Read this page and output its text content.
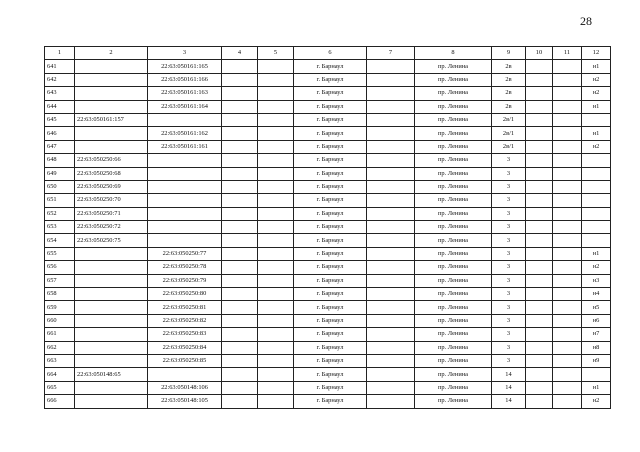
28
1	2	3	4	5	6	7	8	9	10	11	12
641		22:63:050161:165			г. Барнаул		пр. Ленина	2в			н1
642		22:63:050161:166			г. Барнаул		пр. Ленина	2в			н2
643		22:63:050161:163			г. Барнаул		пр. Ленина	2в			н2
644		22:63:050161:164			г. Барнаул		пр. Ленина	2в			н1
645	22:63:050161:157				г. Барнаул		пр. Ленина	2в/1			
646		22:63:050161:162			г. Барнаул		пр. Ленина	2в/1			н1
647		22:63:050161:161			г. Барнаул		пр. Ленина	2в/1			н2
648	22:63:050250:66				г. Барнаул		пр. Ленина	3			
649	22:63:050250:68				г. Барнаул		пр. Ленина	3			
650	22:63:050250:69				г. Барнаул		пр. Ленина	3			
651	22:63:050250:70				г. Барнаул		пр. Ленина	3			
652	22:63:050250:71				г. Барнаул		пр. Ленина	3			
653	22:63:050250:72				г. Барнаул		пр. Ленина	3			
654	22:63:050250:75				г. Барнаул		пр. Ленина	3			
655		22:63:050250:77			г. Барнаул		пр. Ленина	3			н1
656		22:63:050250:78			г. Барнаул		пр. Ленина	3			н2
657		22:63:050250:79			г. Барнаул		пр. Ленина	3			н3
658		22:63:050250:80			г. Барнаул		пр. Ленина	3			н4
659		22:63:050250:81			г. Барнаул		пр. Ленина	3			н5
660		22:63:050250:82			г. Барнаул		пр. Ленина	3			н6
661		22:63:050250:83			г. Барнаул		пр. Ленина	3			н7
662		22:63:050250:84			г. Барнаул		пр. Ленина	3			н8
663		22:63:050250:85			г. Барнаул		пр. Ленина	3			н9
664	22:63:050148:65				г. Барнаул		пр. Ленина	14			
665		22:63:050148:106			г. Барнаул		пр. Ленина	14			н1
666		22:63:050148:105			г. Барнаул		пр. Ленина	14			н2
